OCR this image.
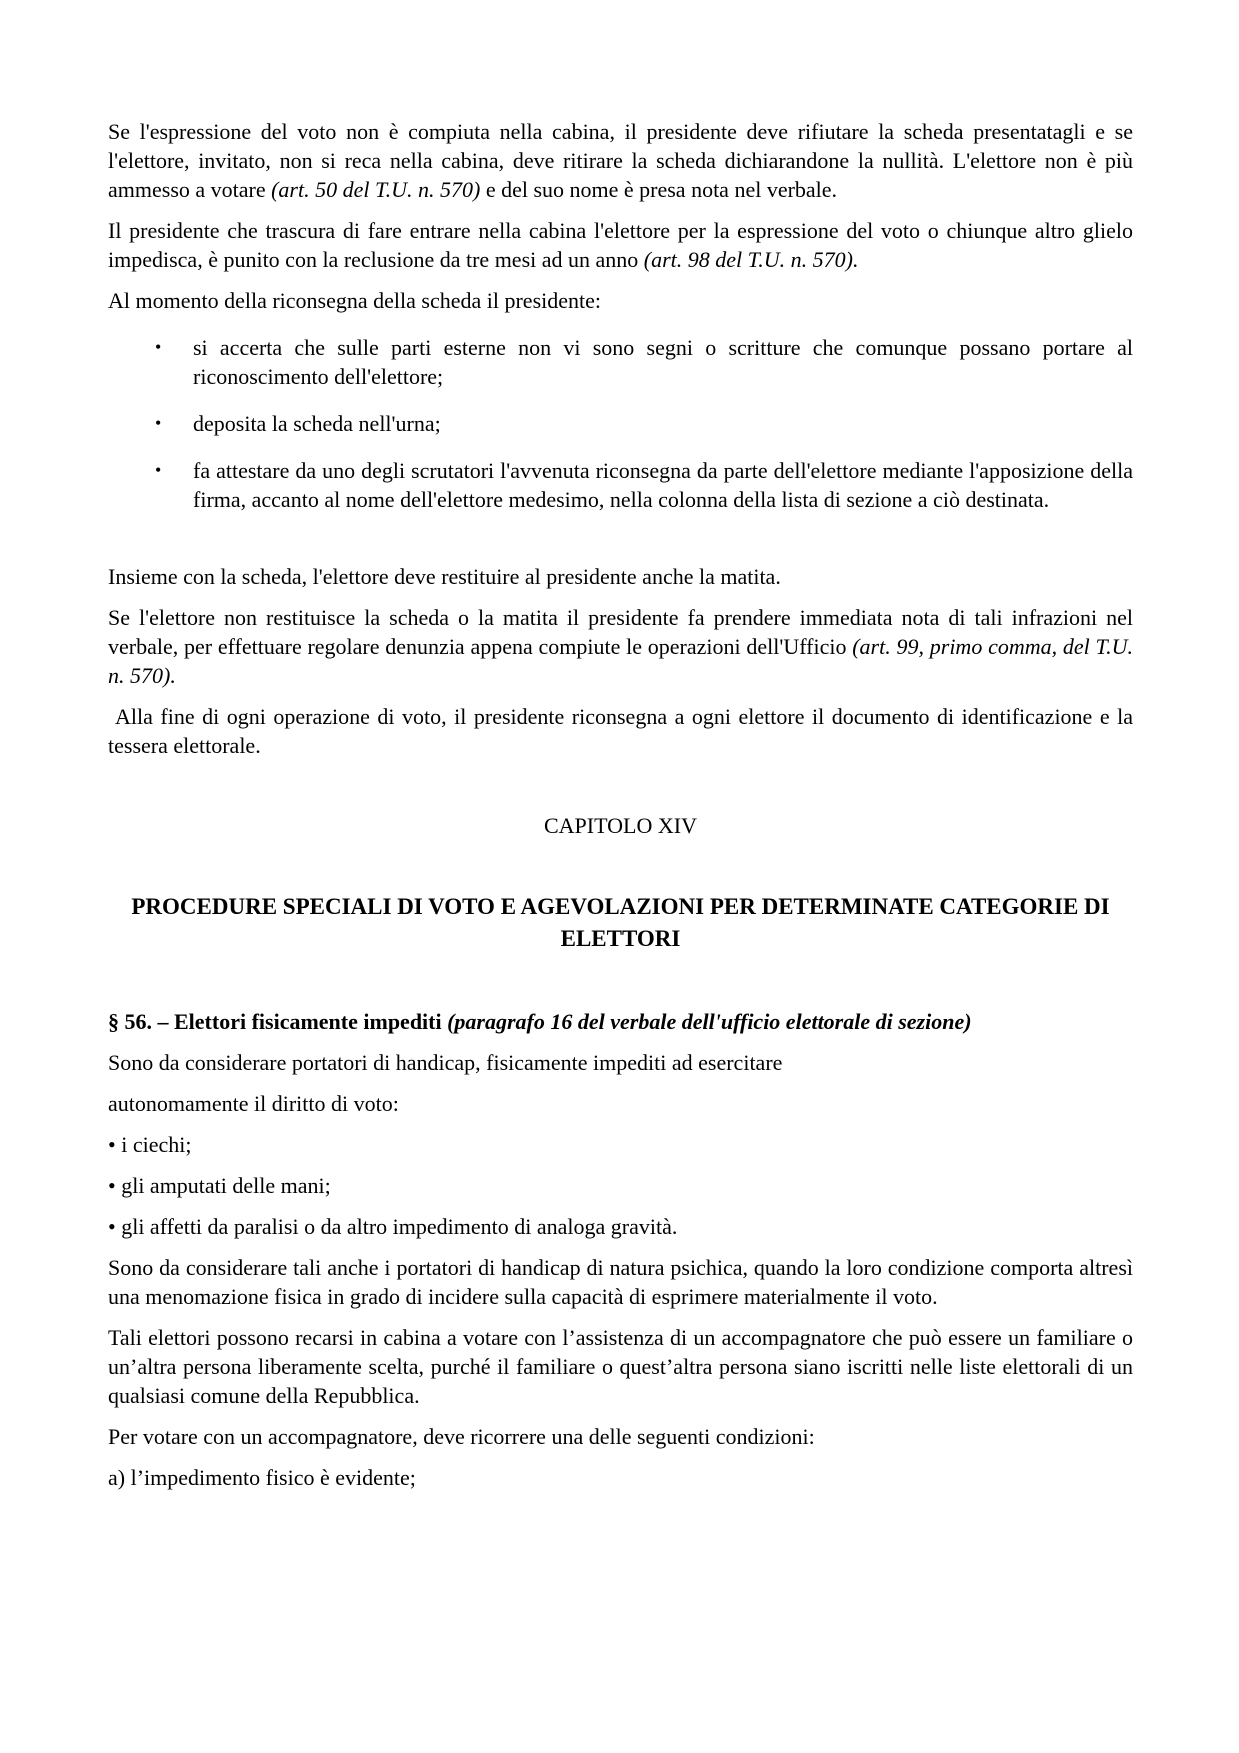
Se l'espressione del voto non è compiuta nella cabina, il presidente deve rifiutare la scheda presentatagli e se l'elettore, invitato, non si reca nella cabina, deve ritirare la scheda dichiarandone la nullità. L'elettore non è più ammesso a votare (art. 50 del T.U. n. 570) e del suo nome è presa nota nel verbale.

Il presidente che trascura di fare entrare nella cabina l'elettore per la espressione del voto o chiunque altro glielo impedisca, è punito con la reclusione da tre mesi ad un anno (art. 98 del T.U. n. 570).

Al momento della riconsegna della scheda il presidente:

• si accerta che sulle parti esterne non vi sono segni o scritture che comunque possano portare al riconoscimento dell'elettore;
• deposita la scheda nell'urna;
• fa attestare da uno degli scrutatori l'avvenuta riconsegna da parte dell'elettore mediante l'apposizione della firma, accanto al nome dell'elettore medesimo, nella colonna della lista di sezione a ciò destinata.

Insieme con la scheda, l'elettore deve restituire al presidente anche la matita.

Se l'elettore non restituisce la scheda o la matita il presidente fa prendere immediata nota di tali infrazioni nel verbale, per effettuare regolare denunzia appena compiute le operazioni dell'Ufficio (art. 99, primo comma, del T.U. n. 570).

Alla fine di ogni operazione di voto, il presidente riconsegna a ogni elettore il documento di identificazione e la tessera elettorale.

CAPITOLO XIV

PROCEDURE SPECIALI DI VOTO E AGEVOLAZIONI PER DETERMINATE CATEGORIE DI ELETTORI

§ 56. – Elettori fisicamente impediti (paragrafo 16 del verbale dell'ufficio elettorale di sezione)

Sono da considerare portatori di handicap, fisicamente impediti ad esercitare

autonomamente il diritto di voto:

• i ciechi;

• gli amputati delle mani;

• gli affetti da paralisi o da altro impedimento di analoga gravità.

Sono da considerare tali anche i portatori di handicap di natura psichica, quando la loro condizione comporta altresì una menomazione fisica in grado di incidere sulla capacità di esprimere materialmente il voto.

Tali elettori possono recarsi in cabina a votare con l’assistenza di un accompagnatore che può essere un familiare o un’altra persona liberamente scelta, purché il familiare o quest’altra persona siano iscritti nelle liste elettorali di un qualsiasi comune della Repubblica.

Per votare con un accompagnatore, deve ricorrere una delle seguenti condizioni:

a) l’impedimento fisico è evidente;
